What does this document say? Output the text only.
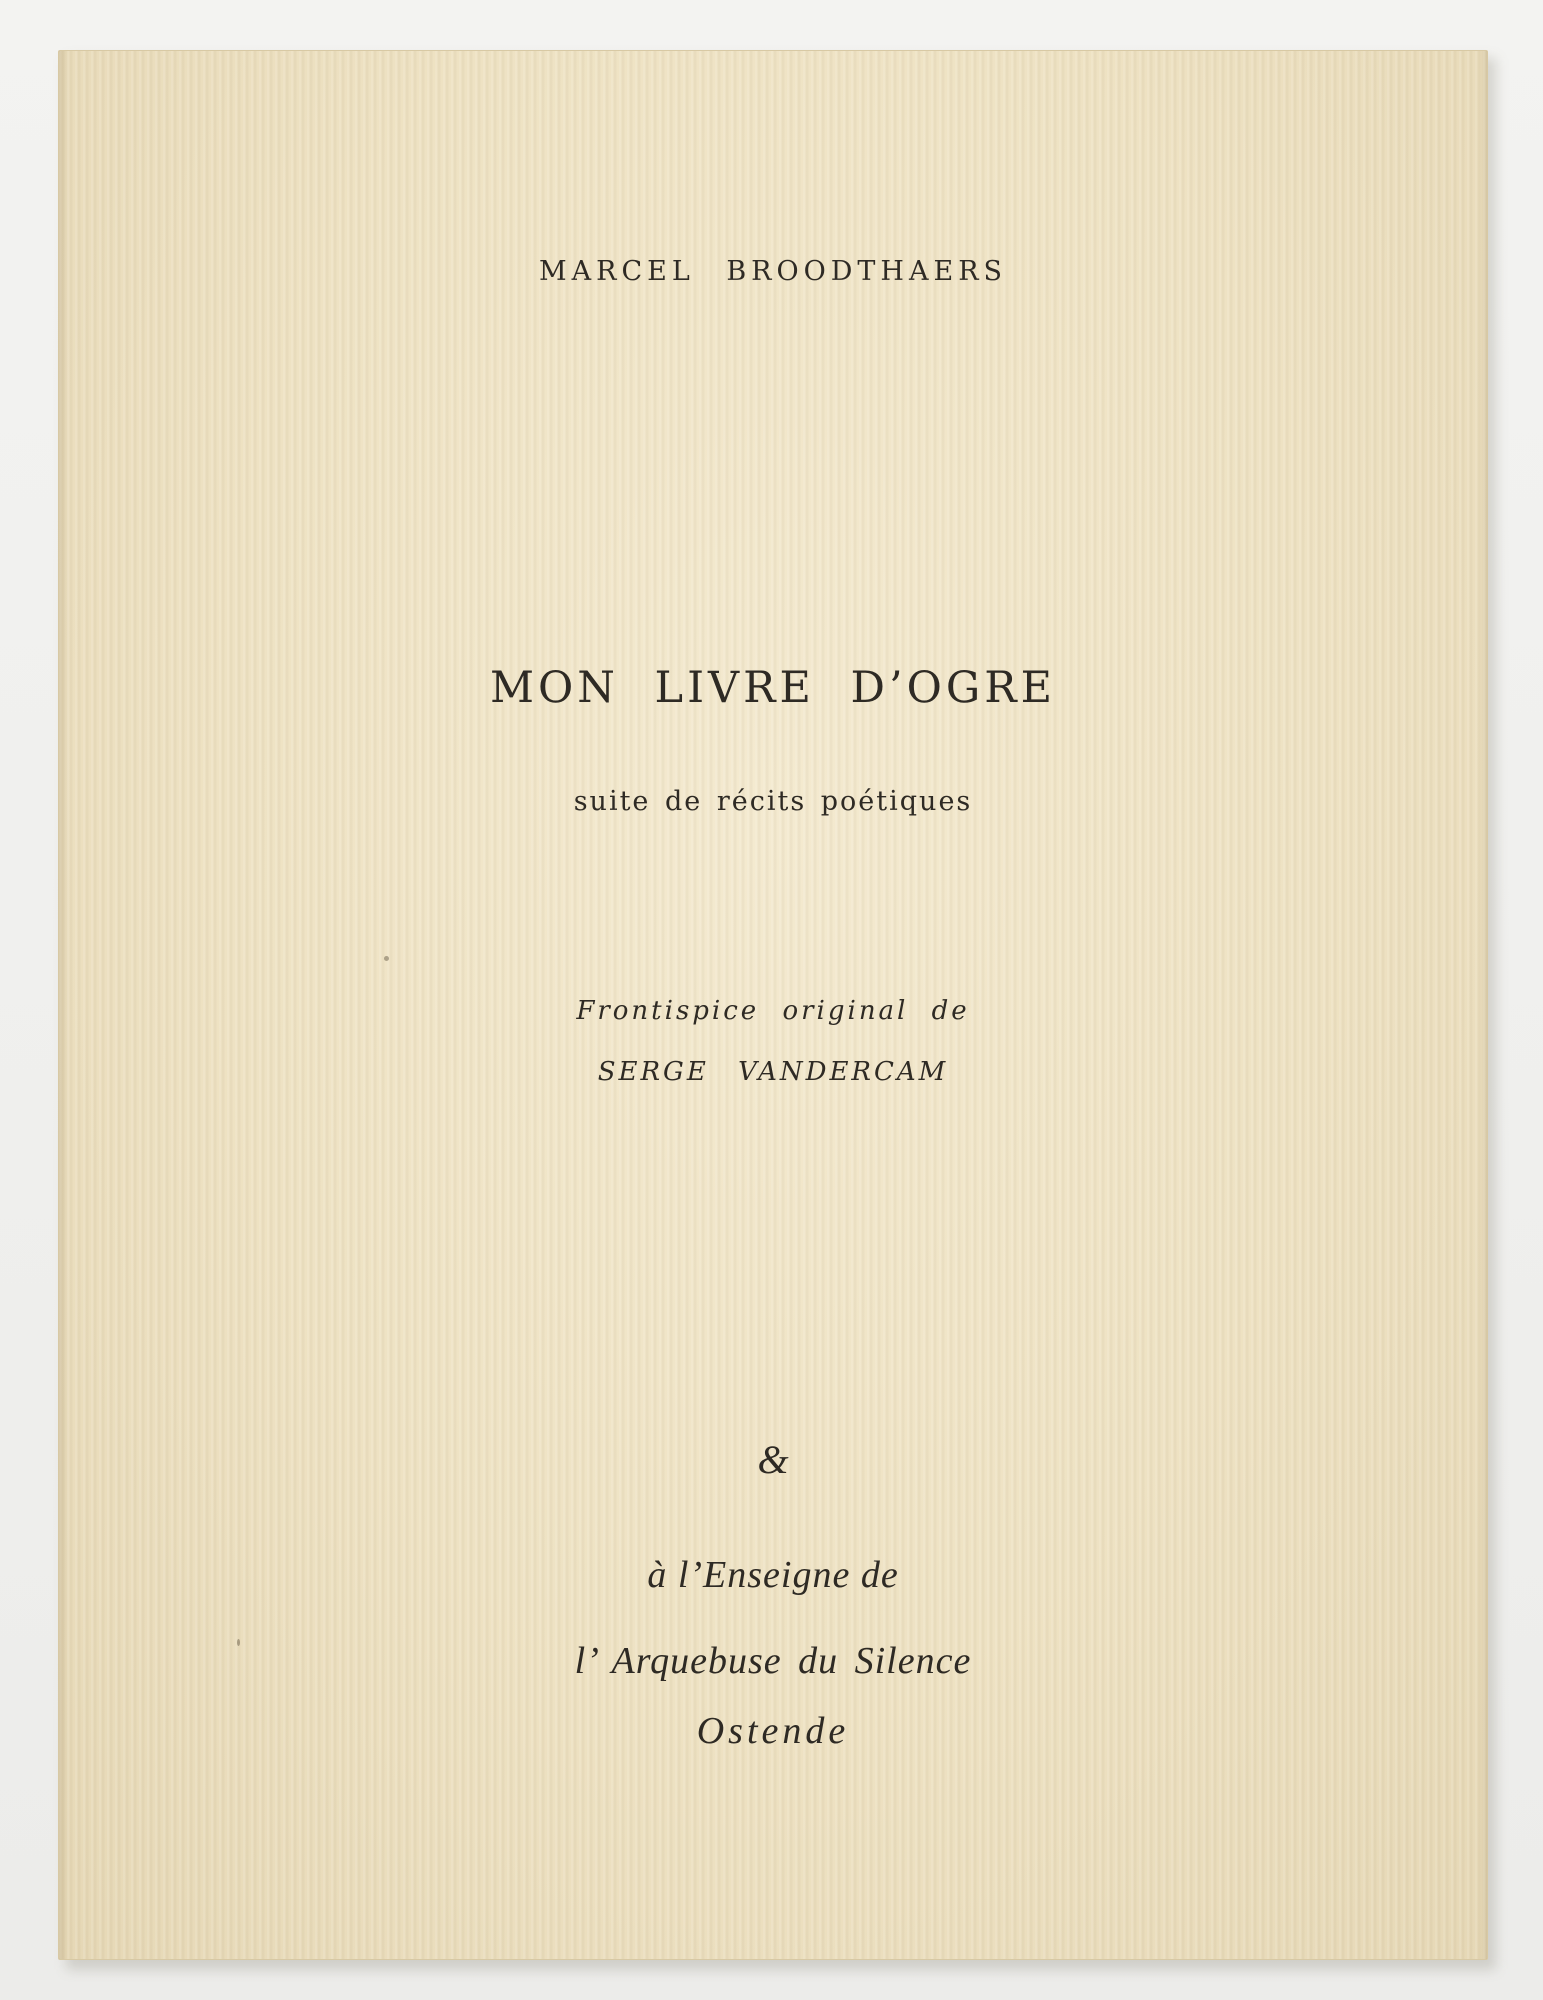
MARCEL BROODTHAERS
MON LIVRE D’OGRE
suite de récits poétiques
Frontispice original de
SERGE VANDERCAM
&
à l’Enseigne de
l’ Arquebuse du Silence
Ostende
